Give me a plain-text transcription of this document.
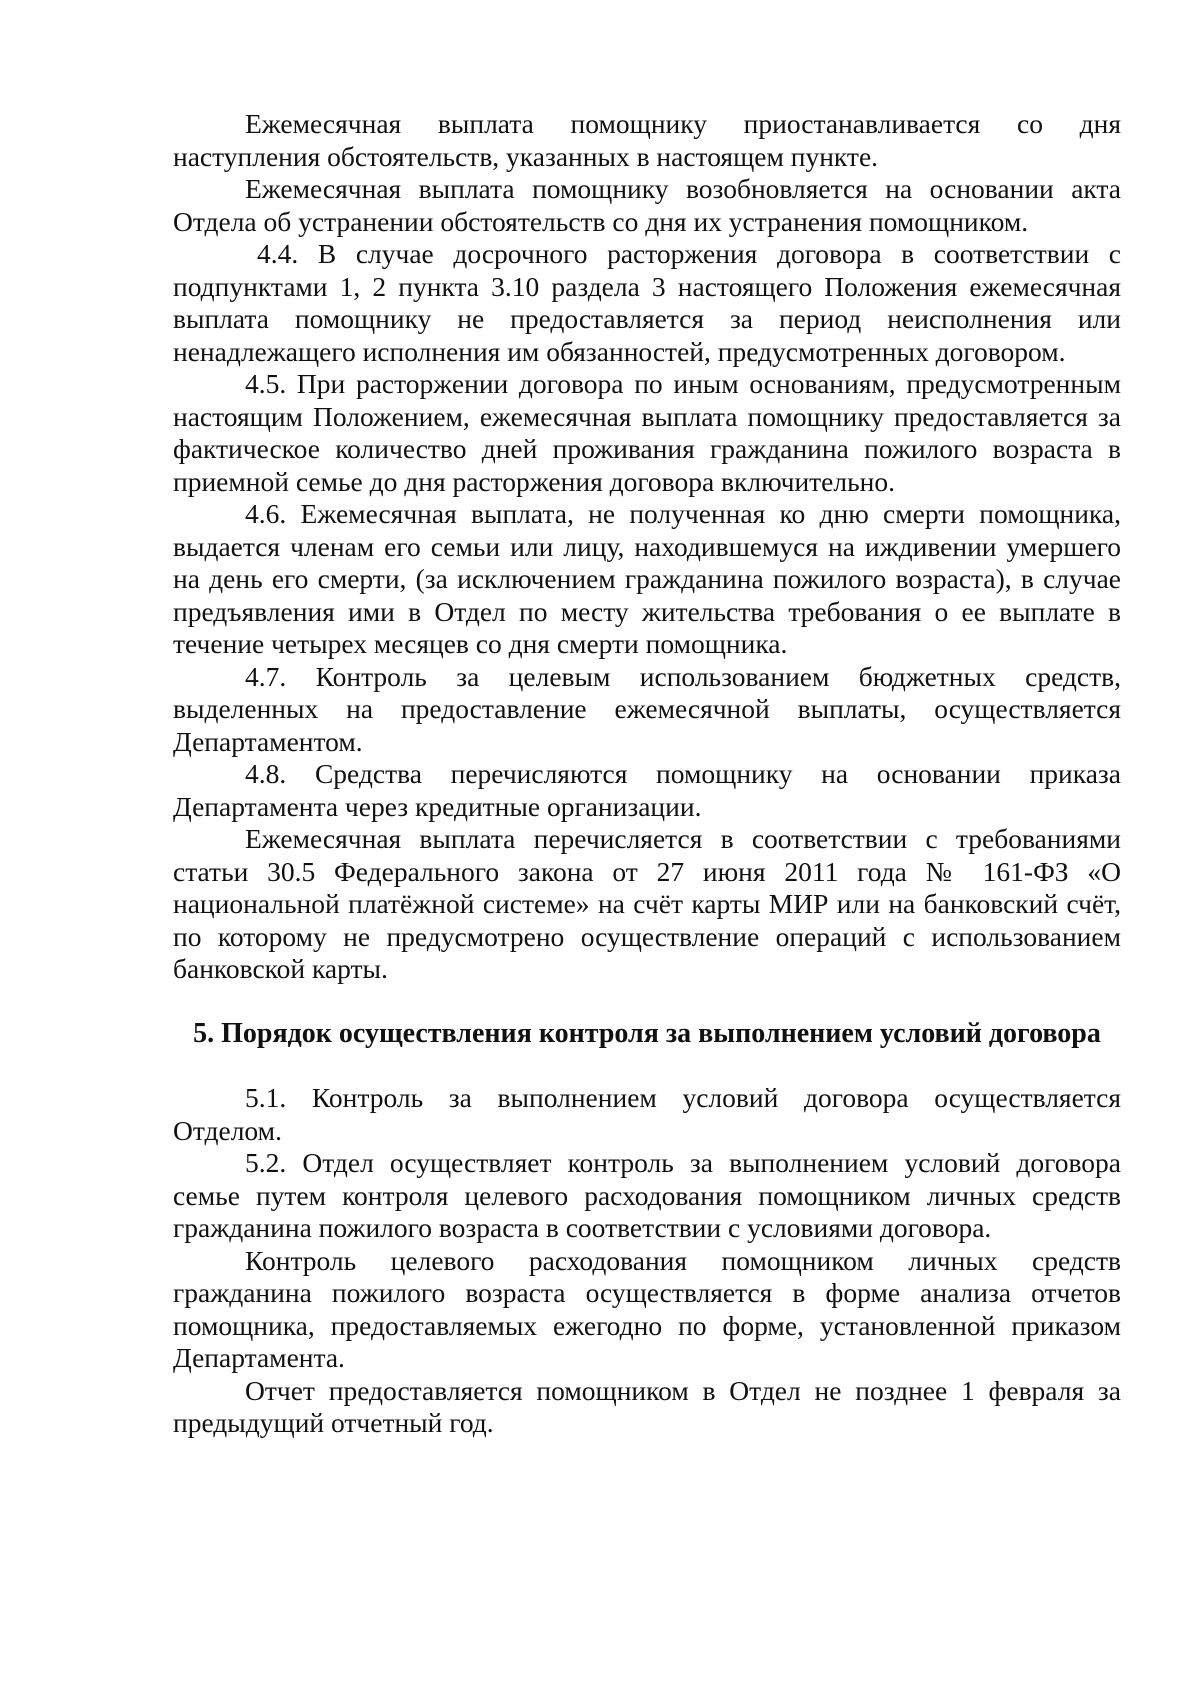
Ежемесячная выплата помощнику приостанавливается со дня наступления обстоятельств, указанных в настоящем пункте.

Ежемесячная выплата помощнику возобновляется на основании акта Отдела об устранении обстоятельств со дня их устранения помощником.

4.4. В случае досрочного расторжения договора в соответствии с подпунктами 1, 2 пункта 3.10 раздела 3 настоящего Положения ежемесячная выплата помощнику не предоставляется за период неисполнения или ненадлежащего исполнения им обязанностей, предусмотренных договором.

4.5. При расторжении договора по иным основаниям, предусмотренным настоящим Положением, ежемесячная выплата помощнику предоставляется за фактическое количество дней проживания гражданина пожилого возраста в приемной семье до дня расторжения договора включительно.

4.6. Ежемесячная выплата, не полученная ко дню смерти помощника, выдается членам его семьи или лицу, находившемуся на иждивении умершего на день его смерти, (за исключением гражданина пожилого возраста), в случае предъявления ими в Отдел по месту жительства требования о ее выплате в течение четырех месяцев со дня смерти помощника.

4.7. Контроль за целевым использованием бюджетных средств, выделенных на предоставление ежемесячной выплаты, осуществляется Департаментом.

4.8. Средства перечисляются помощнику на основании приказа Департамента через кредитные организации.

Ежемесячная выплата перечисляется в соответствии с требованиями статьи 30.5 Федерального закона от 27 июня 2011 года № 161-ФЗ «О национальной платёжной системе» на счёт карты МИР или на банковский счёт, по которому не предусмотрено осуществление операций с использованием банковской карты.

5. Порядок осуществления контроля за выполнением условий договора

5.1. Контроль за выполнением условий договора осуществляется Отделом.

5.2. Отдел осуществляет контроль за выполнением условий договора семье путем контроля целевого расходования помощником личных средств гражданина пожилого возраста в соответствии с условиями договора.

Контроль целевого расходования помощником личных средств гражданина пожилого возраста осуществляется в форме анализа отчетов помощника, предоставляемых ежегодно по форме, установленной приказом Департамента.

Отчет предоставляется помощником в Отдел не позднее 1 февраля за предыдущий отчетный год.
